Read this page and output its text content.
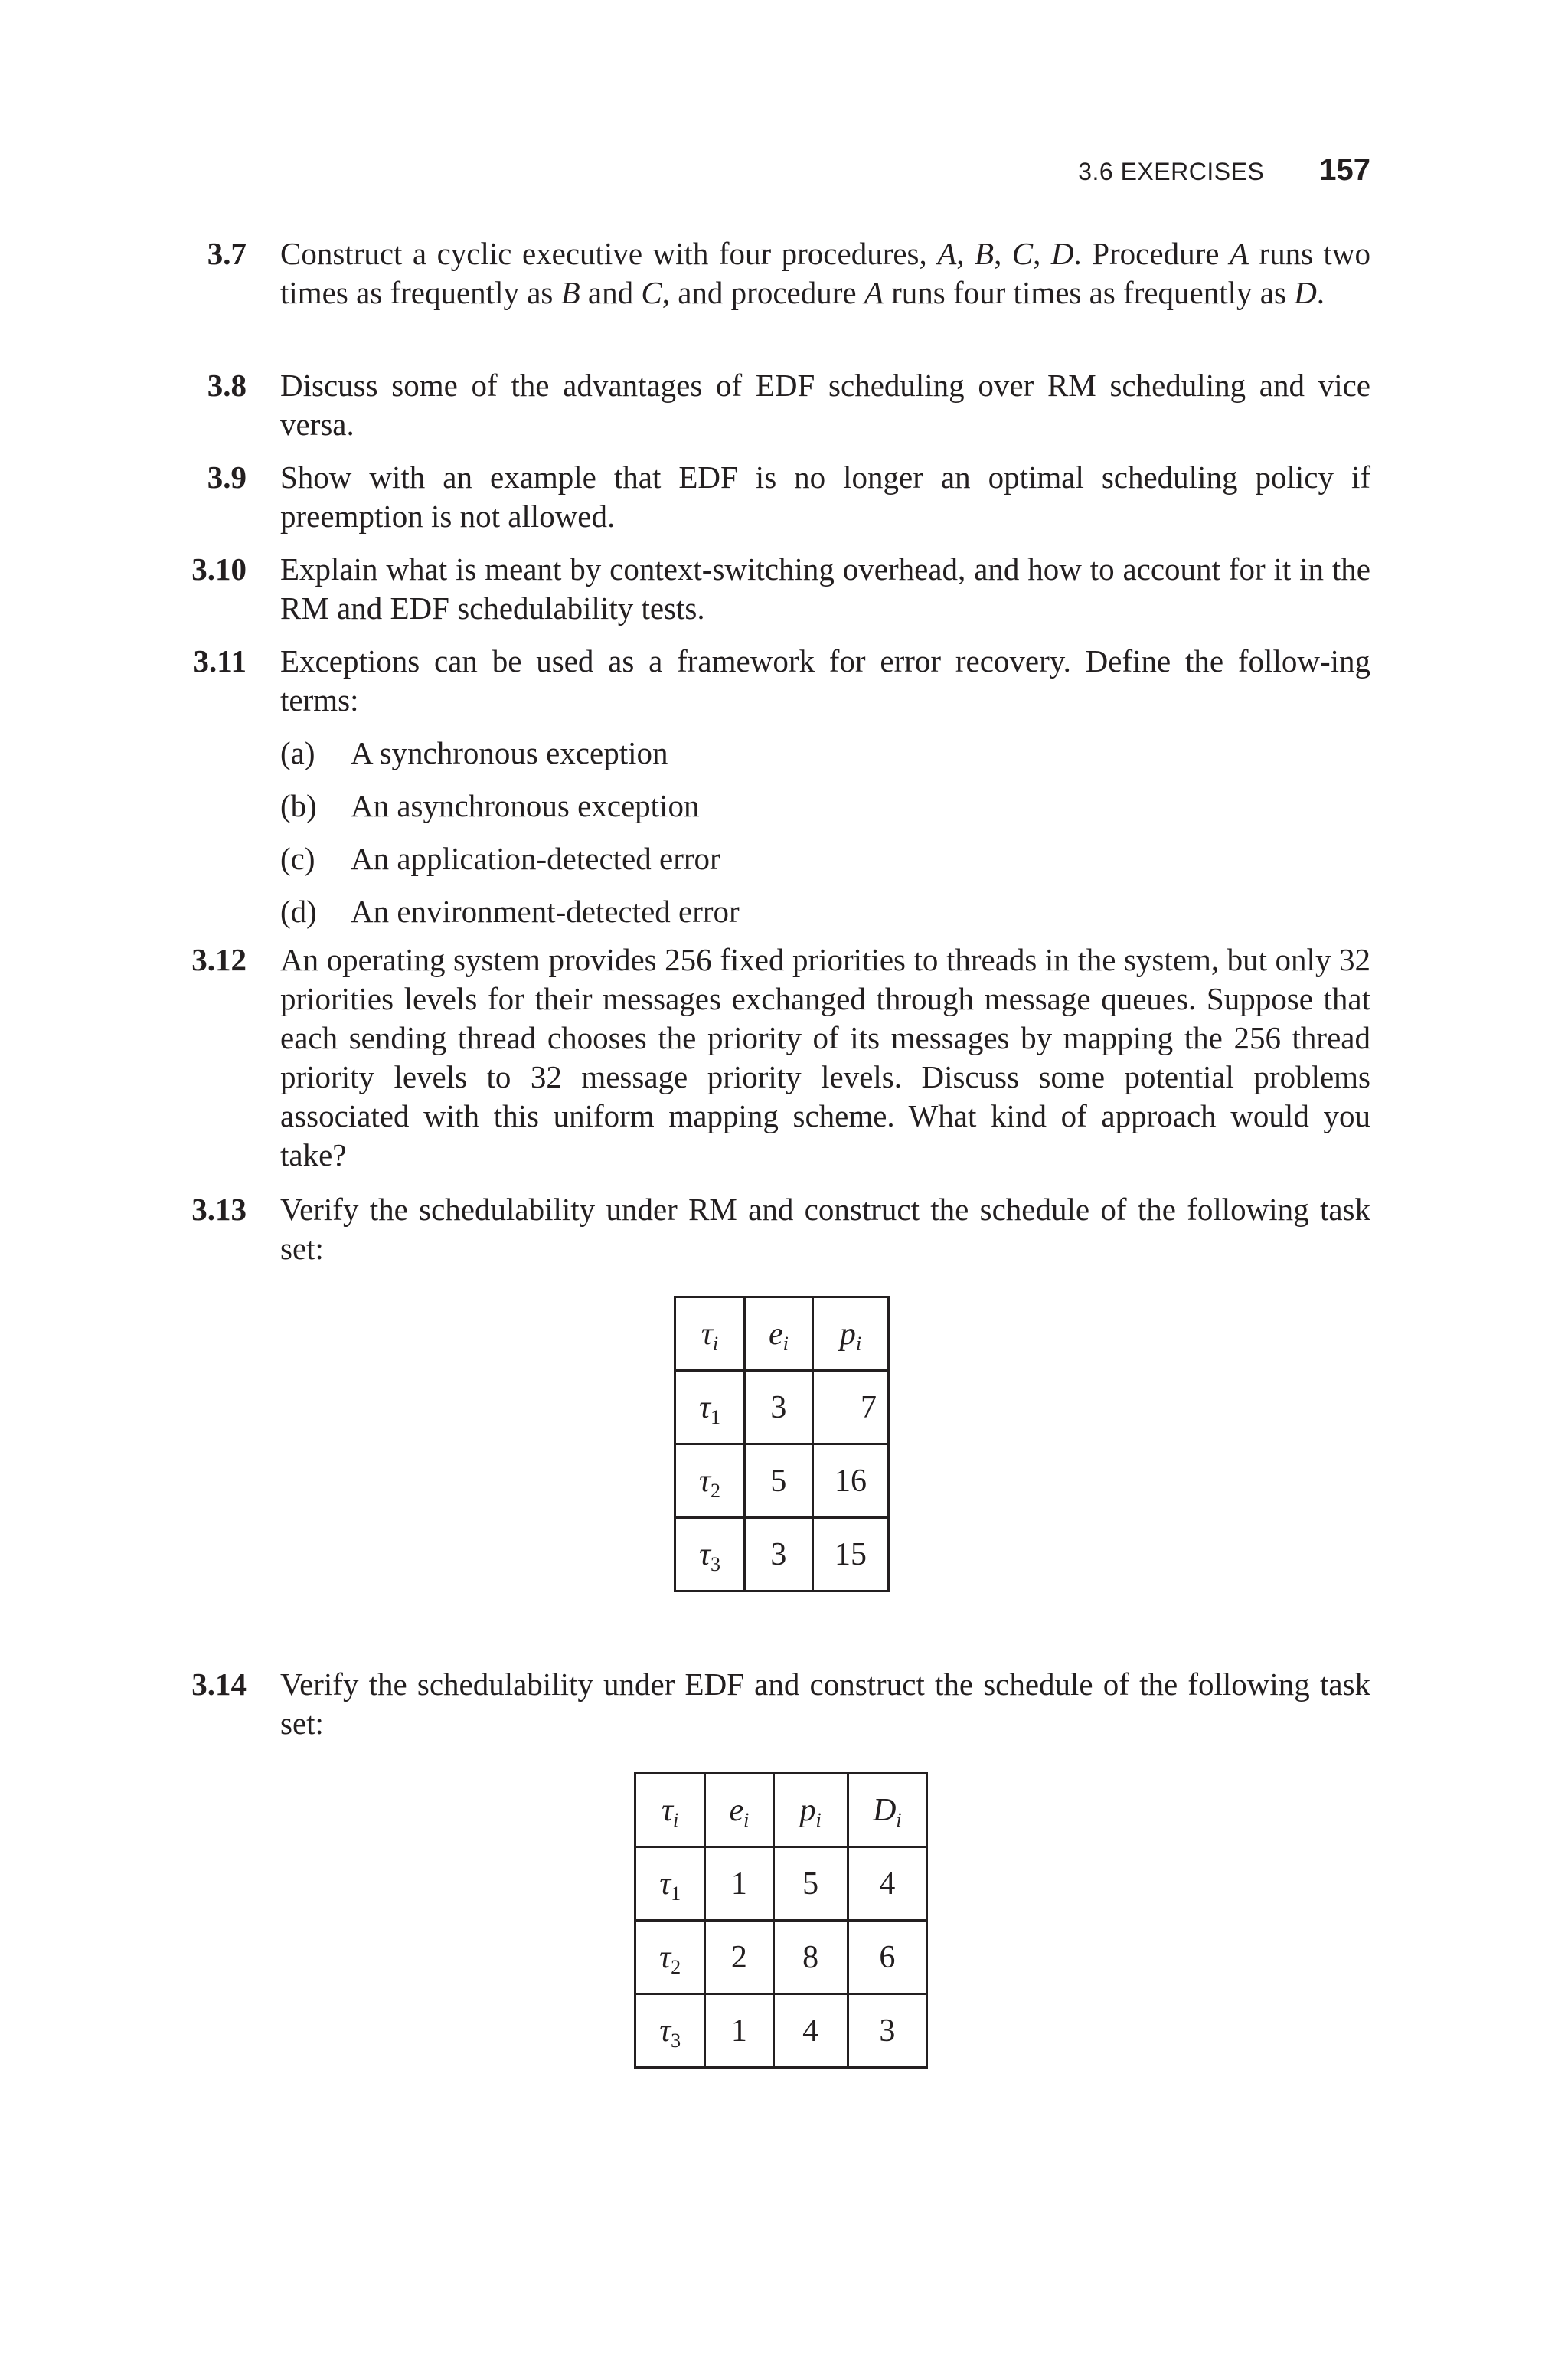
3.6 EXERCISES 157
3.7 Construct a cyclic executive with four procedures, A, B, C, D. Procedure A runs two times as frequently as B and C, and procedure A runs four times as frequently as D.
3.8 Discuss some of the advantages of EDF scheduling over RM scheduling and vice versa.
3.9 Show with an example that EDF is no longer an optimal scheduling policy if preemption is not allowed.
3.10 Explain what is meant by context-switching overhead, and how to account for it in the RM and EDF schedulability tests.
3.11 Exceptions can be used as a framework for error recovery. Define the follow-ing terms:
(a)	A synchronous exception
(b)	An asynchronous exception
(c)	An application-detected error
(d)	An environment-detected error
3.12 An operating system provides 256 fixed priorities to threads in the system, but only 32 priorities levels for their messages exchanged through message queues. Suppose that each sending thread chooses the priority of its messages by mapping the 256 thread priority levels to 32 message priority levels. Discuss some potential problems associated with this uniform mapping scheme. What kind of approach would you take?
3.13 Verify the schedulability under RM and construct the schedule of the following task set:
$\tau_i$	$e_i$	$p_i$
$\tau_1$	3	7
$\tau_2$	5	16
$\tau_3$	3	15
3.14 Verify the schedulability under EDF and construct the schedule of the following task set:
$\tau_i$	$e_i$	$p_i$	$D_i$
$\tau_1$	1	5	4
$\tau_2$	2	8	6
$\tau_3$	1	4	3
